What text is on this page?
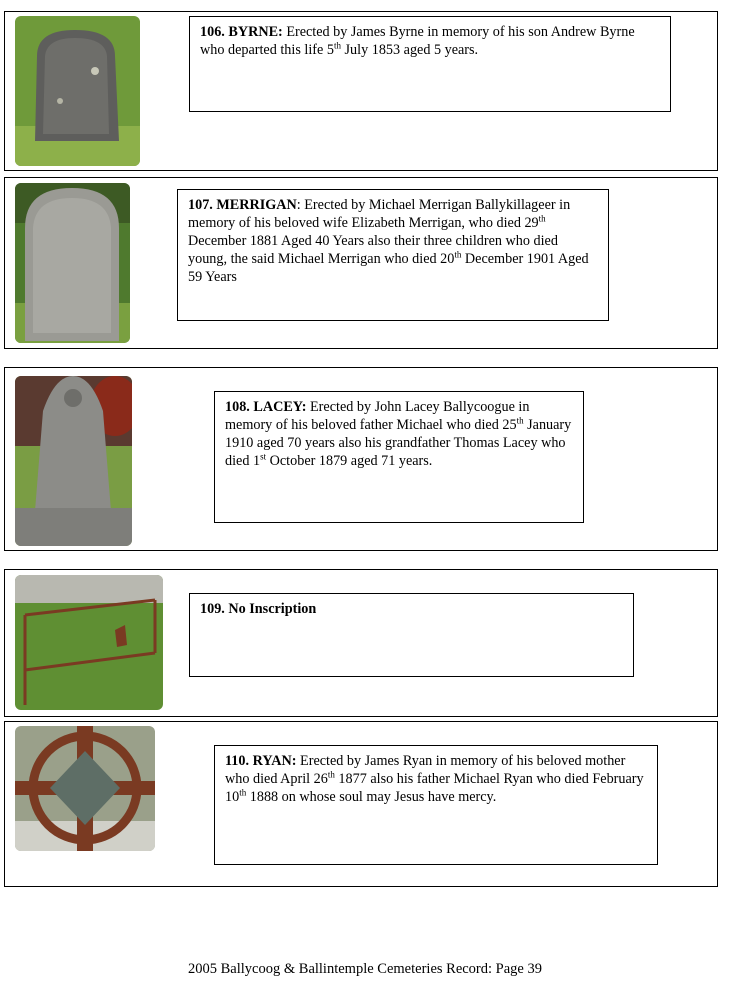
106. BYRNE: Erected by James Byrne in memory of his son Andrew Byrne who departed this life 5th July 1853 aged 5 years.
107. MERRIGAN: Erected by Michael Merrigan Ballykillageer in memory of his beloved wife Elizabeth Merrigan, who died 29th December 1881 Aged 40 Years also their three children who died young, the said Michael Merrigan who died 20th December 1901 Aged 59 Years
108. LACEY: Erected by John Lacey Ballycoogue in memory of his beloved father Michael who died 25th January 1910 aged 70 years also his grandfather Thomas Lacey who died 1st October 1879 aged 71 years.
109. No Inscription
110. RYAN: Erected by James Ryan in memory of his beloved mother who died April 26th 1877 also his father Michael Ryan who died February 10th 1888 on whose soul may Jesus have mercy.
2005 Ballycoog & Ballintemple Cemeteries Record: Page 39
